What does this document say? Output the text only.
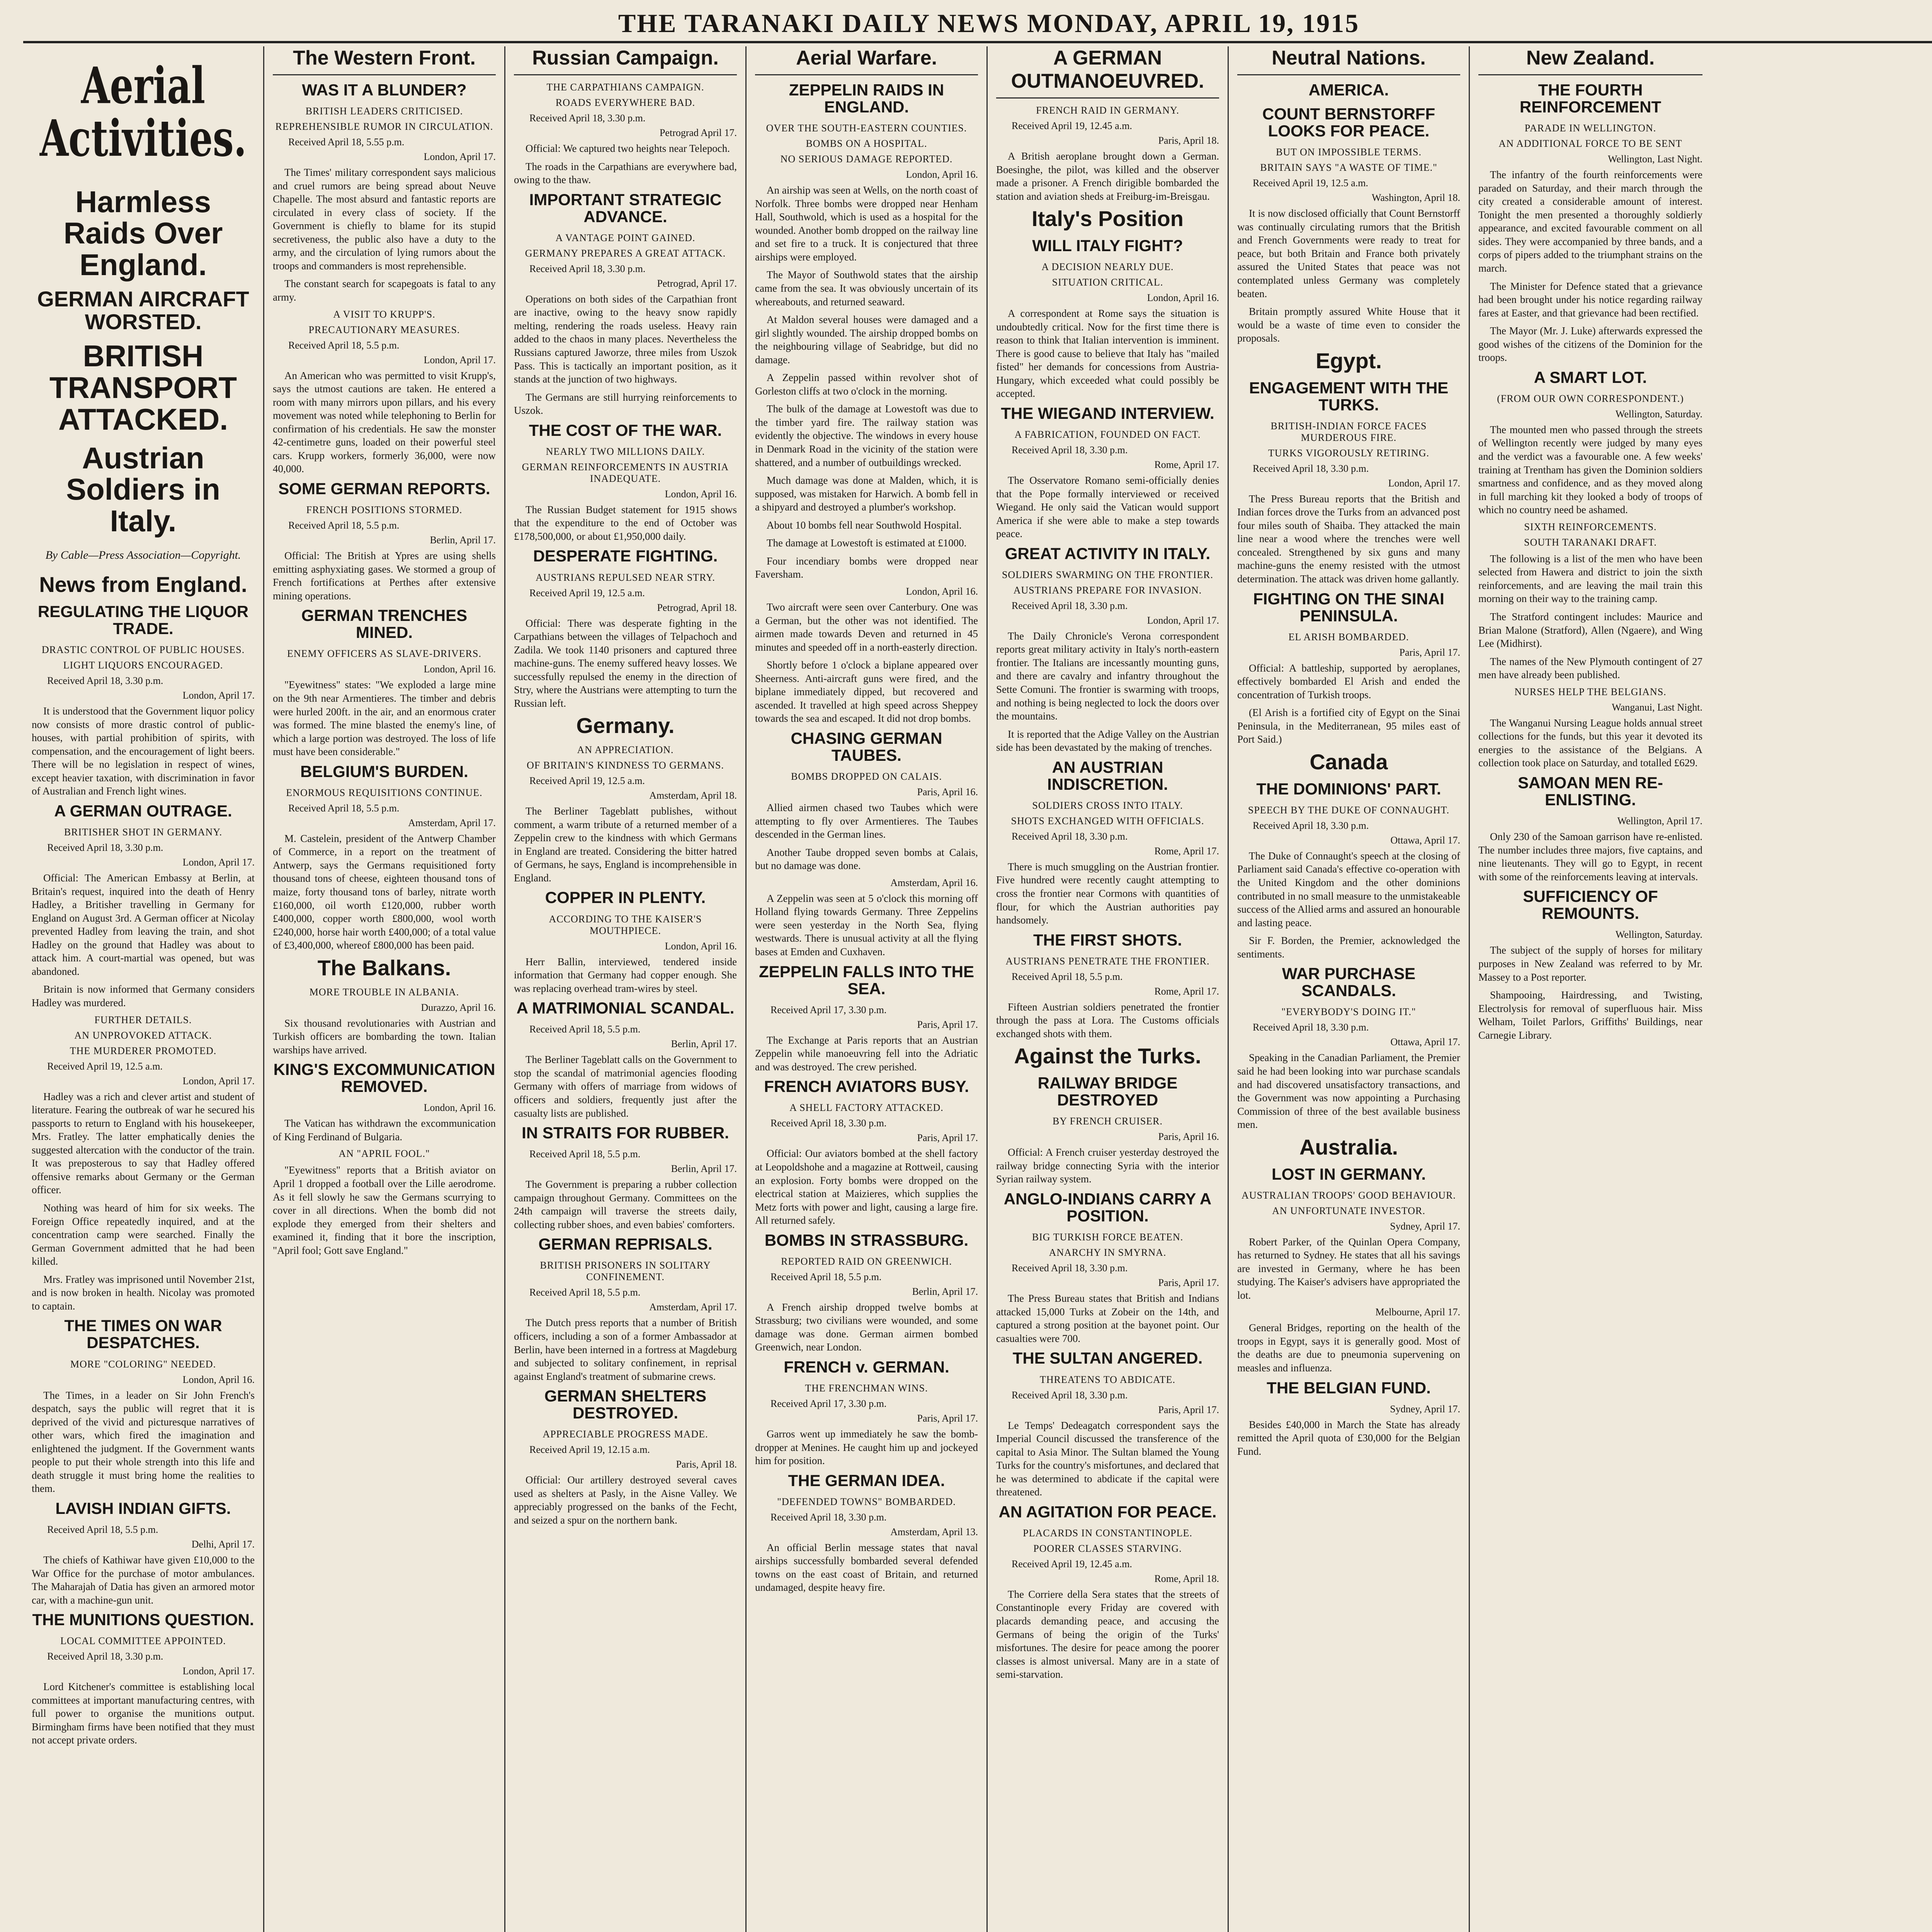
THE TARANAKI DAILY NEWS MONDAY, APRIL 19, 1915
Aerial Activities.
Harmless Raids Over England.
GERMAN AIRCRAFT WORSTED.
BRITISH TRANSPORT ATTACKED.
Austrian Soldiers in Italy.
By Cable—Press Association—Copyright.
News from England.
REGULATING THE LIQUOR TRADE.
DRASTIC CONTROL OF PUBLIC HOUSES.
LIGHT LIQUORS ENCOURAGED.
Received April 18, 3.30 p.m.
London, April 17.
It is understood that the Government liquor policy now consists of more drastic control of public-houses, with partial prohibition of spirits, with compensation, and the encouragement of light beers. There will be no legislation in respect of wines, except heavier taxation, with discrimination in favor of Australian and French light wines.
A GERMAN OUTRAGE.
BRITISHER SHOT IN GERMANY.
Received April 18, 3.30 p.m.
London, April 17.
Official: The American Embassy at Berlin, at Britain's request, inquired into the death of Henry Hadley, a Britisher travelling in Germany for England on August 3rd. A German officer at Nicolay prevented Hadley from leaving the train, and shot Hadley on the ground that Hadley was about to attack him. A court-martial was opened, but was abandoned.
Britain is now informed that Germany considers Hadley was murdered.
FURTHER DETAILS.
AN UNPROVOKED ATTACK.
THE MURDERER PROMOTED.
Received April 19, 12.5 a.m.
London, April 17.
Hadley was a rich and clever artist and student of literature. Fearing the outbreak of war he secured his passports to return to England with his housekeeper, Mrs. Fratley. The latter emphatically denies the suggested altercation with the conductor of the train. It was preposterous to say that Hadley offered offensive remarks about Germany or the German officer.
Nothing was heard of him for six weeks. The Foreign Office repeatedly inquired, and at the concentration camp were searched. Finally the German Government admitted that he had been killed.
Mrs. Fratley was imprisoned until November 21st, and is now broken in health. Nicolay was promoted to captain.
THE TIMES ON WAR DESPATCHES.
MORE "COLORING" NEEDED.
London, April 16.
The Times, in a leader on Sir John French's despatch, says the public will regret that it is deprived of the vivid and picturesque narratives of other wars, which fired the imagination and enlightened the judgment. If the Government wants people to put their whole strength into this life and death struggle it must bring home the realities to them.
LAVISH INDIAN GIFTS.
Received April 18, 5.5 p.m.
Delhi, April 17.
The chiefs of Kathiwar have given £10,000 to the War Office for the purchase of motor ambulances. The Maharajah of Datia has given an armored motor car, with a machine-gun unit.
THE MUNITIONS QUESTION.
LOCAL COMMITTEE APPOINTED.
Received April 18, 3.30 p.m.
London, April 17.
Lord Kitchener's committee is establishing local committees at important manufacturing centres, with full power to organise the munitions output. Birmingham firms have been notified that they must not accept private orders.
The Western Front.
WAS IT A BLUNDER?
BRITISH LEADERS CRITICISED.
REPREHENSIBLE RUMOR IN CIRCULATION.
Received April 18, 5.55 p.m.
London, April 17.
The Times' military correspondent says malicious and cruel rumors are being spread about Neuve Chapelle. The most absurd and fantastic reports are circulated in every class of society. If the Government is chiefly to blame for its stupid secretiveness, the public also have a duty to the army, and the circulation of lying rumors about the troops and commanders is most reprehensible.
The constant search for scapegoats is fatal to any army.
A VISIT TO KRUPP'S.
PRECAUTIONARY MEASURES.
Received April 18, 5.5 p.m.
London, April 17.
An American who was permitted to visit Krupp's, says the utmost cautions are taken. He entered a room with many mirrors upon pillars, and his every movement was noted while telephoning to Berlin for confirmation of his credentials. He saw the monster 42-centimetre guns, loaded on their powerful steel cars. Krupp workers, formerly 36,000, were now 40,000.
SOME GERMAN REPORTS.
FRENCH POSITIONS STORMED.
Received April 18, 5.5 p.m.
Berlin, April 17.
Official: The British at Ypres are using shells emitting asphyxiating gases. We stormed a group of French fortifications at Perthes after extensive mining operations.
GERMAN TRENCHES MINED.
ENEMY OFFICERS AS SLAVE-DRIVERS.
London, April 16.
"Eyewitness" states: "We exploded a large mine on the 9th near Armentieres. The timber and debris were hurled 200ft. in the air, and an enormous crater was formed. The mine blasted the enemy's line, of which a large portion was destroyed. The loss of life must have been considerable."
BELGIUM'S BURDEN.
ENORMOUS REQUISITIONS CONTINUE.
Received April 18, 5.5 p.m.
Amsterdam, April 17.
M. Castelein, president of the Antwerp Chamber of Commerce, in a report on the treatment of Antwerp, says the Germans requisitioned forty thousand tons of cheese, eighteen thousand tons of maize, forty thousand tons of barley, nitrate worth £160,000, oil worth £120,000, rubber worth £400,000, copper worth £800,000, wool worth £240,000, horse hair worth £400,000; of a total value of £3,400,000, whereof £800,000 has been paid.
The Balkans.
MORE TROUBLE IN ALBANIA.
Durazzo, April 16.
Six thousand revolutionaries with Austrian and Turkish officers are bombarding the town. Italian warships have arrived.
KING'S EXCOMMUNICATION REMOVED.
London, April 16.
The Vatican has withdrawn the excommunication of King Ferdinand of Bulgaria.
AN "APRIL FOOL."
"Eyewitness" reports that a British aviator on April 1 dropped a football over the Lille aerodrome. As it fell slowly he saw the Germans scurrying to cover in all directions. When the bomb did not explode they emerged from their shelters and examined it, finding that it bore the inscription, "April fool; Gott save England."
Russian Campaign.
THE CARPATHIANS CAMPAIGN.
ROADS EVERYWHERE BAD.
Received April 18, 3.30 p.m.
Petrograd April 17.
Official: We captured two heights near Telepoch.
The roads in the Carpathians are everywhere bad, owing to the thaw.
IMPORTANT STRATEGIC ADVANCE.
A VANTAGE POINT GAINED.
GERMANY PREPARES A GREAT ATTACK.
Received April 18, 3.30 p.m.
Petrograd, April 17.
Operations on both sides of the Carpathian front are inactive, owing to the heavy snow rapidly melting, rendering the roads useless. Heavy rain added to the chaos in many places. Nevertheless the Russians captured Jaworze, three miles from Uszok Pass. This is tactically an important position, as it stands at the junction of two highways.
The Germans are still hurrying reinforcements to Uszok.
THE COST OF THE WAR.
NEARLY TWO MILLIONS DAILY.
GERMAN REINFORCEMENTS IN AUSTRIA INADEQUATE.
London, April 16.
The Russian Budget statement for 1915 shows that the expenditure to the end of October was £178,500,000, or about £1,950,000 daily.
DESPERATE FIGHTING.
AUSTRIANS REPULSED NEAR STRY.
Received April 19, 12.5 a.m.
Petrograd, April 18.
Official: There was desperate fighting in the Carpathians between the villages of Telpachoch and Zadila. We took 1140 prisoners and captured three machine-guns. The enemy suffered heavy losses. We successfully repulsed the enemy in the direction of Stry, where the Austrians were attempting to turn the Russian left.
Germany.
AN APPRECIATION.
OF BRITAIN'S KINDNESS TO GERMANS.
Received April 19, 12.5 a.m.
Amsterdam, April 18.
The Berliner Tageblatt publishes, without comment, a warm tribute of a returned member of a Zeppelin crew to the kindness with which Germans in England are treated. Considering the bitter hatred of Germans, he says, England is incomprehensible in England.
COPPER IN PLENTY.
ACCORDING TO THE KAISER'S MOUTHPIECE.
London, April 16.
Herr Ballin, interviewed, tendered inside information that Germany had copper enough. She was replacing overhead tram-wires by steel.
A MATRIMONIAL SCANDAL.
Received April 18, 5.5 p.m.
Berlin, April 17.
The Berliner Tageblatt calls on the Government to stop the scandal of matrimonial agencies flooding Germany with offers of marriage from widows of officers and soldiers, frequently just after the casualty lists are published.
IN STRAITS FOR RUBBER.
Received April 18, 5.5 p.m.
Berlin, April 17.
The Government is preparing a rubber collection campaign throughout Germany. Committees on the 24th campaign will traverse the streets daily, collecting rubber shoes, and even babies' comforters.
GERMAN REPRISALS.
BRITISH PRISONERS IN SOLITARY CONFINEMENT.
Received April 18, 5.5 p.m.
Amsterdam, April 17.
The Dutch press reports that a number of British officers, including a son of a former Ambassador at Berlin, have been interned in a fortress at Magdeburg and subjected to solitary confinement, in reprisal against England's treatment of submarine crews.
GERMAN SHELTERS DESTROYED.
APPRECIABLE PROGRESS MADE.
Received April 19, 12.15 a.m.
Paris, April 18.
Official: Our artillery destroyed several caves used as shelters at Pasly, in the Aisne Valley. We appreciably progressed on the banks of the Fecht, and seized a spur on the northern bank.
Aerial Warfare.
ZEPPELIN RAIDS IN ENGLAND.
OVER THE SOUTH-EASTERN COUNTIES.
BOMBS ON A HOSPITAL.
NO SERIOUS DAMAGE REPORTED.
London, April 16.
An airship was seen at Wells, on the north coast of Norfolk. Three bombs were dropped near Henham Hall, Southwold, which is used as a hospital for the wounded. Another bomb dropped on the railway line and set fire to a truck. It is conjectured that three airships were employed.
The Mayor of Southwold states that the airship came from the sea. It was obviously uncertain of its whereabouts, and returned seaward.
At Maldon several houses were damaged and a girl slightly wounded. The airship dropped bombs on the neighbouring village of Seabridge, but did no damage.
A Zeppelin passed within revolver shot of Gorleston cliffs at two o'clock in the morning.
The bulk of the damage at Lowestoft was due to the timber yard fire. The railway station was evidently the objective. The windows in every house in Denmark Road in the vicinity of the station were shattered, and a number of outbuildings wrecked.
Much damage was done at Malden, which, it is supposed, was mistaken for Harwich. A bomb fell in a shipyard and destroyed a plumber's workshop.
About 10 bombs fell near Southwold Hospital.
The damage at Lowestoft is estimated at £1000.
Four incendiary bombs were dropped near Faversham.
London, April 16.
Two aircraft were seen over Canterbury. One was a German, but the other was not identified. The airmen made towards Deven and returned in 45 minutes and speeded off in a north-easterly direction.
Shortly before 1 o'clock a biplane appeared over Sheerness. Anti-aircraft guns were fired, and the biplane immediately dipped, but recovered and ascended. It travelled at high speed across Sheppey towards the sea and escaped. It did not drop bombs.
CHASING GERMAN TAUBES.
BOMBS DROPPED ON CALAIS.
Paris, April 16.
Allied airmen chased two Taubes which were attempting to fly over Armentieres. The Taubes descended in the German lines.
Another Taube dropped seven bombs at Calais, but no damage was done.
Amsterdam, April 16.
A Zeppelin was seen at 5 o'clock this morning off Holland flying towards Germany. Three Zeppelins were seen yesterday in the North Sea, flying westwards. There is unusual activity at all the flying bases at Emden and Cuxhaven.
ZEPPELIN FALLS INTO THE SEA.
Received April 17, 3.30 p.m.
Paris, April 17.
The Exchange at Paris reports that an Austrian Zeppelin while manoeuvring fell into the Adriatic and was destroyed. The crew perished.
FRENCH AVIATORS BUSY.
A SHELL FACTORY ATTACKED.
Received April 18, 3.30 p.m.
Paris, April 17.
Official: Our aviators bombed at the shell factory at Leopoldshohe and a magazine at Rottweil, causing an explosion. Forty bombs were dropped on the electrical station at Maizieres, which supplies the Metz forts with power and light, causing a large fire. All returned safely.
BOMBS IN STRASSBURG.
REPORTED RAID ON GREENWICH.
Received April 18, 5.5 p.m.
Berlin, April 17.
A French airship dropped twelve bombs at Strassburg; two civilians were wounded, and some damage was done. German airmen bombed Greenwich, near London.
FRENCH v. GERMAN.
THE FRENCHMAN WINS.
Received April 17, 3.30 p.m.
Paris, April 17.
Garros went up immediately he saw the bomb-dropper at Menines. He caught him up and jockeyed him for position.
THE GERMAN IDEA.
"DEFENDED TOWNS" BOMBARDED.
Received April 18, 3.30 p.m.
Amsterdam, April 13.
An official Berlin message states that naval airships successfully bombarded several defended towns on the east coast of Britain, and returned undamaged, despite heavy fire.
A GERMAN OUTMANOEUVRED.
FRENCH RAID IN GERMANY.
Received April 19, 12.45 a.m.
Paris, April 18.
A British aeroplane brought down a German. Boesinghe, the pilot, was killed and the observer made a prisoner. A French dirigible bombarded the station and aviation sheds at Freiburg-im-Breisgau.
Italy's Position
WILL ITALY FIGHT?
A DECISION NEARLY DUE.
SITUATION CRITICAL.
London, April 16.
A correspondent at Rome says the situation is undoubtedly critical. Now for the first time there is reason to think that Italian intervention is imminent. There is good cause to believe that Italy has "mailed fisted" her demands for concessions from Austria-Hungary, which exceeded what could possibly be accepted.
THE WIEGAND INTERVIEW.
A FABRICATION, FOUNDED ON FACT.
Received April 18, 3.30 p.m.
Rome, April 17.
The Osservatore Romano semi-officially denies that the Pope formally interviewed or received Wiegand. He only said the Vatican would support America if she were able to make a step towards peace.
GREAT ACTIVITY IN ITALY.
SOLDIERS SWARMING ON THE FRONTIER.
AUSTRIANS PREPARE FOR INVASION.
Received April 18, 3.30 p.m.
London, April 17.
The Daily Chronicle's Verona correspondent reports great military activity in Italy's north-eastern frontier. The Italians are incessantly mounting guns, and there are cavalry and infantry throughout the Sette Comuni. The frontier is swarming with troops, and nothing is being neglected to lock the doors over the mountains.
It is reported that the Adige Valley on the Austrian side has been devastated by the making of trenches.
AN AUSTRIAN INDISCRETION.
SOLDIERS CROSS INTO ITALY.
SHOTS EXCHANGED WITH OFFICIALS.
Received April 18, 3.30 p.m.
Rome, April 17.
There is much smuggling on the Austrian frontier. Five hundred were recently caught attempting to cross the frontier near Cormons with quantities of flour, for which the Austrian authorities pay handsomely.
THE FIRST SHOTS.
AUSTRIANS PENETRATE THE FRONTIER.
Received April 18, 5.5 p.m.
Rome, April 17.
Fifteen Austrian soldiers penetrated the frontier through the pass at Lora. The Customs officials exchanged shots with them.
Against the Turks.
RAILWAY BRIDGE DESTROYED
BY FRENCH CRUISER.
Paris, April 16.
Official: A French cruiser yesterday destroyed the railway bridge connecting Syria with the interior Syrian railway system.
ANGLO-INDIANS CARRY A POSITION.
BIG TURKISH FORCE BEATEN.
ANARCHY IN SMYRNA.
Received April 18, 3.30 p.m.
Paris, April 17.
The Press Bureau states that British and Indians attacked 15,000 Turks at Zobeir on the 14th, and captured a strong position at the bayonet point. Our casualties were 700.
THE SULTAN ANGERED.
THREATENS TO ABDICATE.
Received April 18, 3.30 p.m.
Paris, April 17.
Le Temps' Dedeagatch correspondent says the Imperial Council discussed the transference of the capital to Asia Minor. The Sultan blamed the Young Turks for the country's misfortunes, and declared that he was determined to abdicate if the capital were threatened.
AN AGITATION FOR PEACE.
PLACARDS IN CONSTANTINOPLE.
POORER CLASSES STARVING.
Received April 19, 12.45 a.m.
Rome, April 18.
The Corriere della Sera states that the streets of Constantinople every Friday are covered with placards demanding peace, and accusing the Germans of being the origin of the Turks' misfortunes. The desire for peace among the poorer classes is almost universal. Many are in a state of semi-starvation.
Neutral Nations.
AMERICA.
COUNT BERNSTORFF LOOKS FOR PEACE.
BUT ON IMPOSSIBLE TERMS.
BRITAIN SAYS "A WASTE OF TIME."
Received April 19, 12.5 a.m.
Washington, April 18.
It is now disclosed officially that Count Bernstorff was continually circulating rumors that the British and French Governments were ready to treat for peace, but both Britain and France both privately assured the United States that peace was not contemplated unless Germany was completely beaten.
Britain promptly assured White House that it would be a waste of time even to consider the proposals.
Egypt.
ENGAGEMENT WITH THE TURKS.
BRITISH-INDIAN FORCE FACES MURDEROUS FIRE.
TURKS VIGOROUSLY RETIRING.
Received April 18, 3.30 p.m.
London, April 17.
The Press Bureau reports that the British and Indian forces drove the Turks from an advanced post four miles south of Shaiba. They attacked the main line near a wood where the trenches were well concealed. Strengthened by six guns and many machine-guns the enemy resisted with the utmost determination. The attack was driven home gallantly.
FIGHTING ON THE SINAI PENINSULA.
EL ARISH BOMBARDED.
Paris, April 17.
Official: A battleship, supported by aeroplanes, effectively bombarded El Arish and ended the concentration of Turkish troops.
(El Arish is a fortified city of Egypt on the Sinai Peninsula, in the Mediterranean, 95 miles east of Port Said.)
Canada
THE DOMINIONS' PART.
SPEECH BY THE DUKE OF CONNAUGHT.
Received April 18, 3.30 p.m.
Ottawa, April 17.
The Duke of Connaught's speech at the closing of Parliament said Canada's effective co-operation with the United Kingdom and the other dominions contributed in no small measure to the unmistakeable success of the Allied arms and assured an honourable and lasting peace.
Sir F. Borden, the Premier, acknowledged the sentiments.
WAR PURCHASE SCANDALS.
"EVERYBODY'S DOING IT."
Received April 18, 3.30 p.m.
Ottawa, April 17.
Speaking in the Canadian Parliament, the Premier said he had been looking into war purchase scandals and had discovered unsatisfactory transactions, and the Government was now appointing a Purchasing Commission of three of the best available business men.
Australia.
LOST IN GERMANY.
AUSTRALIAN TROOPS' GOOD BEHAVIOUR.
AN UNFORTUNATE INVESTOR.
Sydney, April 17.
Robert Parker, of the Quinlan Opera Company, has returned to Sydney. He states that all his savings are invested in Germany, where he has been studying. The Kaiser's advisers have appropriated the lot.
Melbourne, April 17.
General Bridges, reporting on the health of the troops in Egypt, says it is generally good. Most of the deaths are due to pneumonia supervening on measles and influenza.
THE BELGIAN FUND.
Sydney, April 17.
Besides £40,000 in March the State has already remitted the April quota of £30,000 for the Belgian Fund.
New Zealand.
THE FOURTH REINFORCEMENT
PARADE IN WELLINGTON.
AN ADDITIONAL FORCE TO BE SENT
Wellington, Last Night.
The infantry of the fourth reinforcements were paraded on Saturday, and their march through the city created a considerable amount of interest. Tonight the men presented a thoroughly soldierly appearance, and excited favourable comment on all sides. They were accompanied by three bands, and a corps of pipers added to the triumphant strains on the march.
The Minister for Defence stated that a grievance had been brought under his notice regarding railway fares at Easter, and that grievance had been rectified.
The Mayor (Mr. J. Luke) afterwards expressed the good wishes of the citizens of the Dominion for the troops.
A SMART LOT.
(FROM OUR OWN CORRESPONDENT.)
Wellington, Saturday.
The mounted men who passed through the streets of Wellington recently were judged by many eyes and the verdict was a favourable one. A few weeks' training at Trentham has given the Dominion soldiers smartness and confidence, and as they moved along in full marching kit they looked a body of troops of which no country need be ashamed.
SIXTH REINFORCEMENTS.
SOUTH TARANAKI DRAFT.
The following is a list of the men who have been selected from Hawera and district to join the sixth reinforcements, and are leaving the mail train this morning on their way to the training camp.
The Stratford contingent includes: Maurice and Brian Malone (Stratford), Allen (Ngaere), and Wing Lee (Midhirst).
The names of the New Plymouth contingent of 27 men have already been published.
NURSES HELP THE BELGIANS.
Wanganui, Last Night.
The Wanganui Nursing League holds annual street collections for the funds, but this year it devoted its energies to the assistance of the Belgians. A collection took place on Saturday, and totalled £629.
SAMOAN MEN RE-ENLISTING.
Wellington, April 17.
Only 230 of the Samoan garrison have re-enlisted. The number includes three majors, five captains, and nine lieutenants. They will go to Egypt, in recent with some of the reinforcements leaving at intervals.
SUFFICIENCY OF REMOUNTS.
Wellington, Saturday.
The subject of the supply of horses for military purposes in New Zealand was referred to by Mr. Massey to a Post reporter.
Shampooing, Hairdressing, and Twisting, Electrolysis for removal of superfluous hair. Miss Welham, Toilet Parlors, Griffiths' Buildings, near Carnegie Library.
